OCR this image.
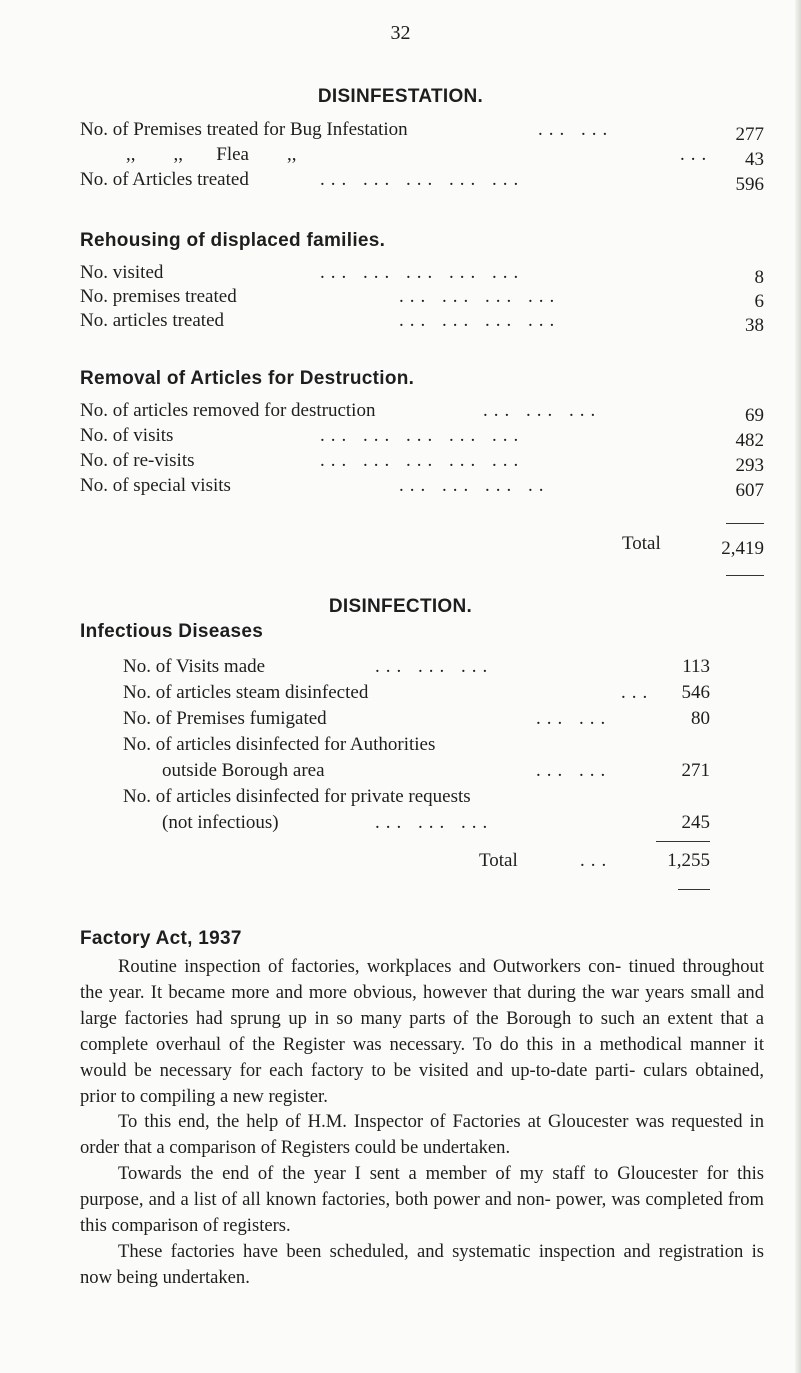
32
DISINFESTATION.
No. of Premises treated for Bug Infestation	... ...	277
,,        ,,       Flea        ,,	...	43
No. of Articles treated	... ... ... ... ...	596
Rehousing of displaced families.
No. visited	... ... ... ... ...	8
No. premises treated	... ... ... ...	6
No. articles treated	... ... ... ...	38
Removal of Articles for Destruction.
No. of articles removed for destruction	... ... ...	69
No. of visits	... ... ... ... ...	482
No. of re-visits	... ... ... ... ...	293
No. of special visits	... ... ... ..	607
Total	2,419
DISINFECTION.
Infectious Diseases
No. of Visits made	... ... ...	113
No. of articles steam disinfected	...	546
No. of Premises fumigated	... ...	80
No. of articles disinfected for Authorities
outside Borough area	... ...	271
No. of articles disinfected for private requests
(not infectious)	... ... ...	245
Total	...	1,255
Factory Act, 1937

Routine inspection of factories, workplaces and Outworkers con- tinued throughout the year. It became more and more obvious, however that during the war years small and large factories had sprung up in so many parts of the Borough to such an extent that a complete overhaul of the Register was necessary. To do this in a methodical manner it would be necessary for each factory to be visited and up-to-date parti- culars obtained, prior to compiling a new register.

To this end, the help of H.M. Inspector of Factories at Gloucester was requested in order that a comparison of Registers could be undertaken.

Towards the end of the year I sent a member of my staff to Gloucester for this purpose, and a list of all known factories, both power and non- power, was completed from this comparison of registers.

These factories have been scheduled, and systematic inspection and registration is now being undertaken.
